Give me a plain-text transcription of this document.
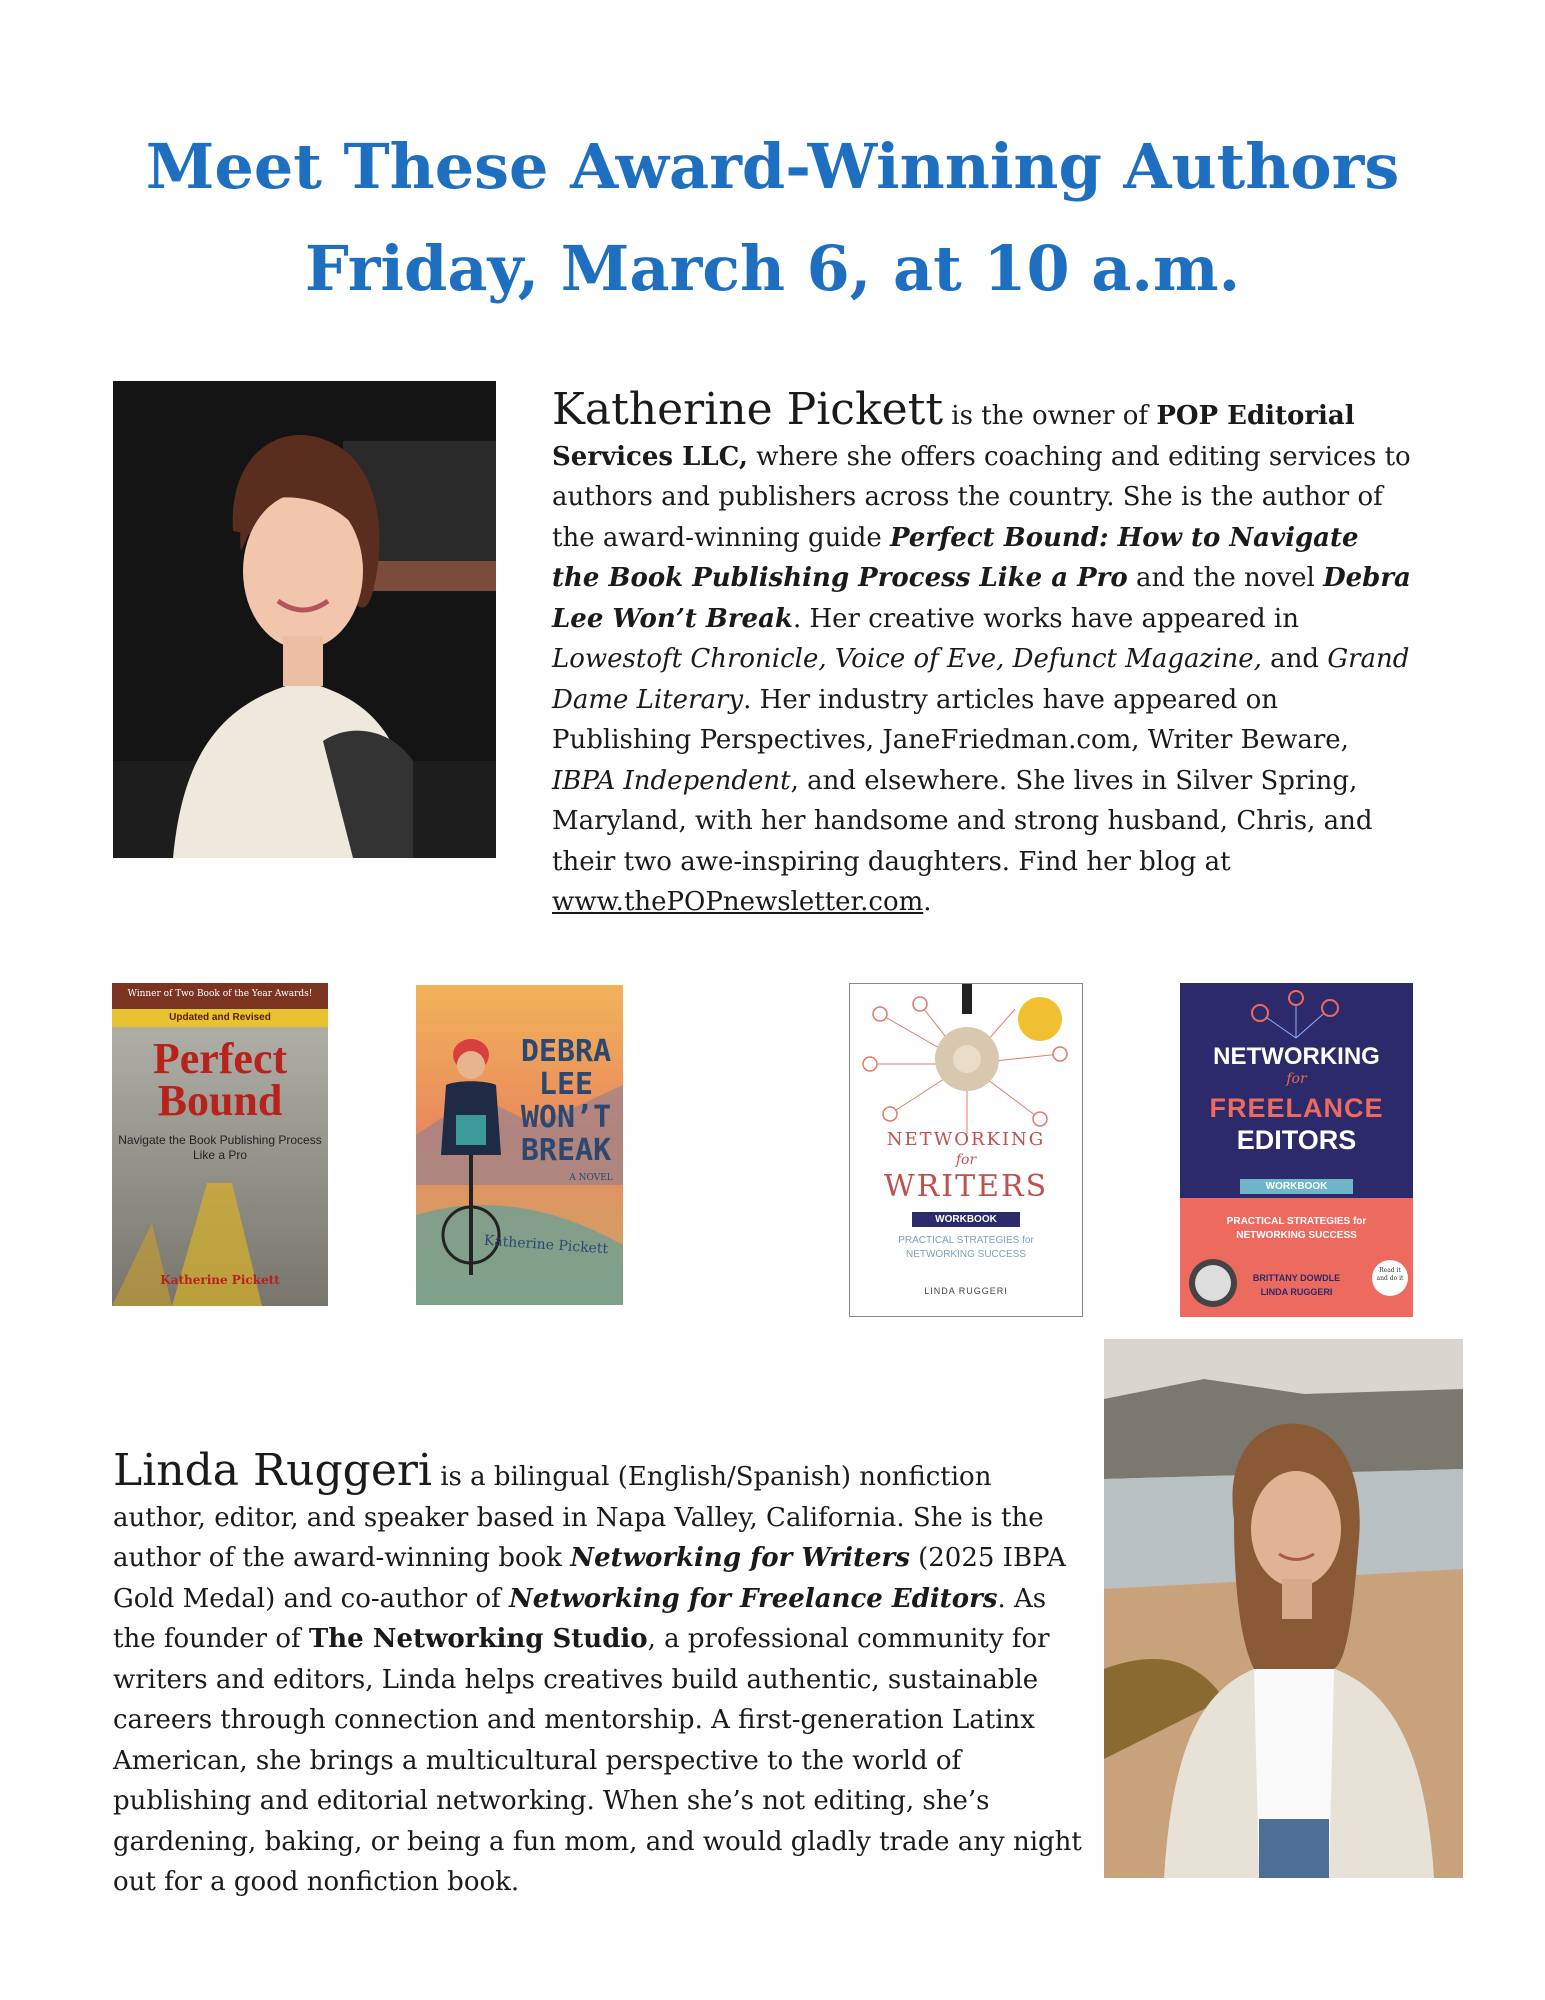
Meet These Award-Winning Authors
Friday, March 6, at 10 a.m.
Katherine Pickett is the owner of POP Editorial Services LLC, where she offers coaching and editing services to authors and publishers across the country. She is the author of the award-winning guide Perfect Bound: How to Navigate the Book Publishing Process Like a Pro and the novel Debra Lee Won’t Break. Her creative works have appeared in Lowestoft Chronicle, Voice of Eve, Defunct Magazine, and Grand Dame Literary. Her industry articles have appeared on Publishing Perspectives, JaneFriedman.com, Writer Beware, IBPA Independent, and elsewhere. She lives in Silver Spring, Maryland, with her handsome and strong husband, Chris, and their two awe-inspiring daughters. Find her blog at www.thePOPnewsletter.com.

Winner of Two Book of the Year Awards!

Updated and Revised

Perfect

Bound

Navigate the Book Publishing Process Like a Pro

Katherine Pickett

DEBRA

LEE

WON’T

BREAK

A NOVEL

Katherine Pickett

NETWORKING

for

WRITERS

WORKBOOK

PRACTICAL STRATEGIES for NETWORKING SUCCESS

LINDA RUGGERI

NETWORKING

for

FREELANCE

EDITORS

WORKBOOK

PRACTICAL STRATEGIES for NETWORKING SUCCESS

BRITTANY DOWDLE

LINDA RUGGERI

Read it and do it

Linda Ruggeri is a bilingual (English/Spanish) nonfiction author, editor, and speaker based in Napa Valley, California. She is the author of the award-winning book Networking for Writers (2025 IBPA Gold Medal) and co-author of Networking for Freelance Editors. As the founder of The Networking Studio, a professional community for writers and editors, Linda helps creatives build authentic, sustainable careers through connection and mentorship. A first-generation Latinx American, she brings a multicultural perspective to the world of publishing and editorial networking. When she’s not editing, she’s gardening, baking, or being a fun mom, and would gladly trade any night out for a good nonfiction book.
